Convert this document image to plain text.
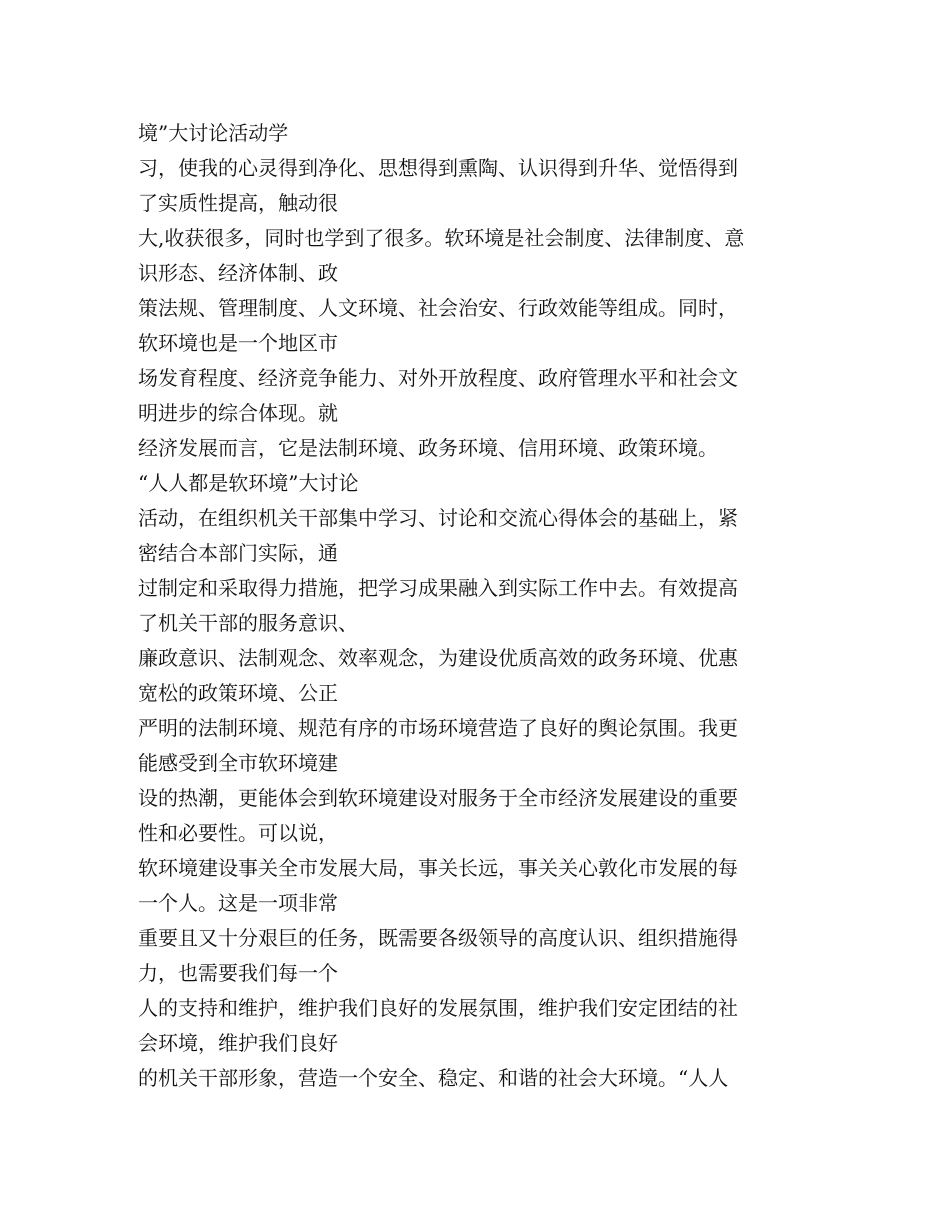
境”大讨论活动学
习，使我的心灵得到净化、思想得到熏陶、认识得到升华、觉悟得到
了实质性提高，触动很
大,收获很多，同时也学到了很多。软环境是社会制度、法律制度、意
识形态、经济体制、政
策法规、管理制度、人文环境、社会治安、行政效能等组成。同时，
软环境也是一个地区市
场发育程度、经济竞争能力、对外开放程度、政府管理水平和社会文
明进步的综合体现。就
经济发展而言，它是法制环境、政务环境、信用环境、政策环境。
“人人都是软环境”大讨论
活动，在组织机关干部集中学习、讨论和交流心得体会的基础上，紧
密结合本部门实际，通
过制定和采取得力措施，把学习成果融入到实际工作中去。有效提高
了机关干部的服务意识、
廉政意识、法制观念、效率观念，为建设优质高效的政务环境、优惠
宽松的政策环境、公正
严明的法制环境、规范有序的市场环境营造了良好的舆论氛围。我更
能感受到全市软环境建
设的热潮，更能体会到软环境建设对服务于全市经济发展建设的重要
性和必要性。可以说，
软环境建设事关全市发展大局，事关长远，事关关心敦化市发展的每
一个人。这是一项非常
重要且又十分艰巨的任务，既需要各级领导的高度认识、组织措施得
力，也需要我们每一个
人的支持和维护，维护我们良好的发展氛围，维护我们安定团结的社
会环境，维护我们良好
的机关干部形象，营造一个安全、稳定、和谐的社会大环境。“人人
